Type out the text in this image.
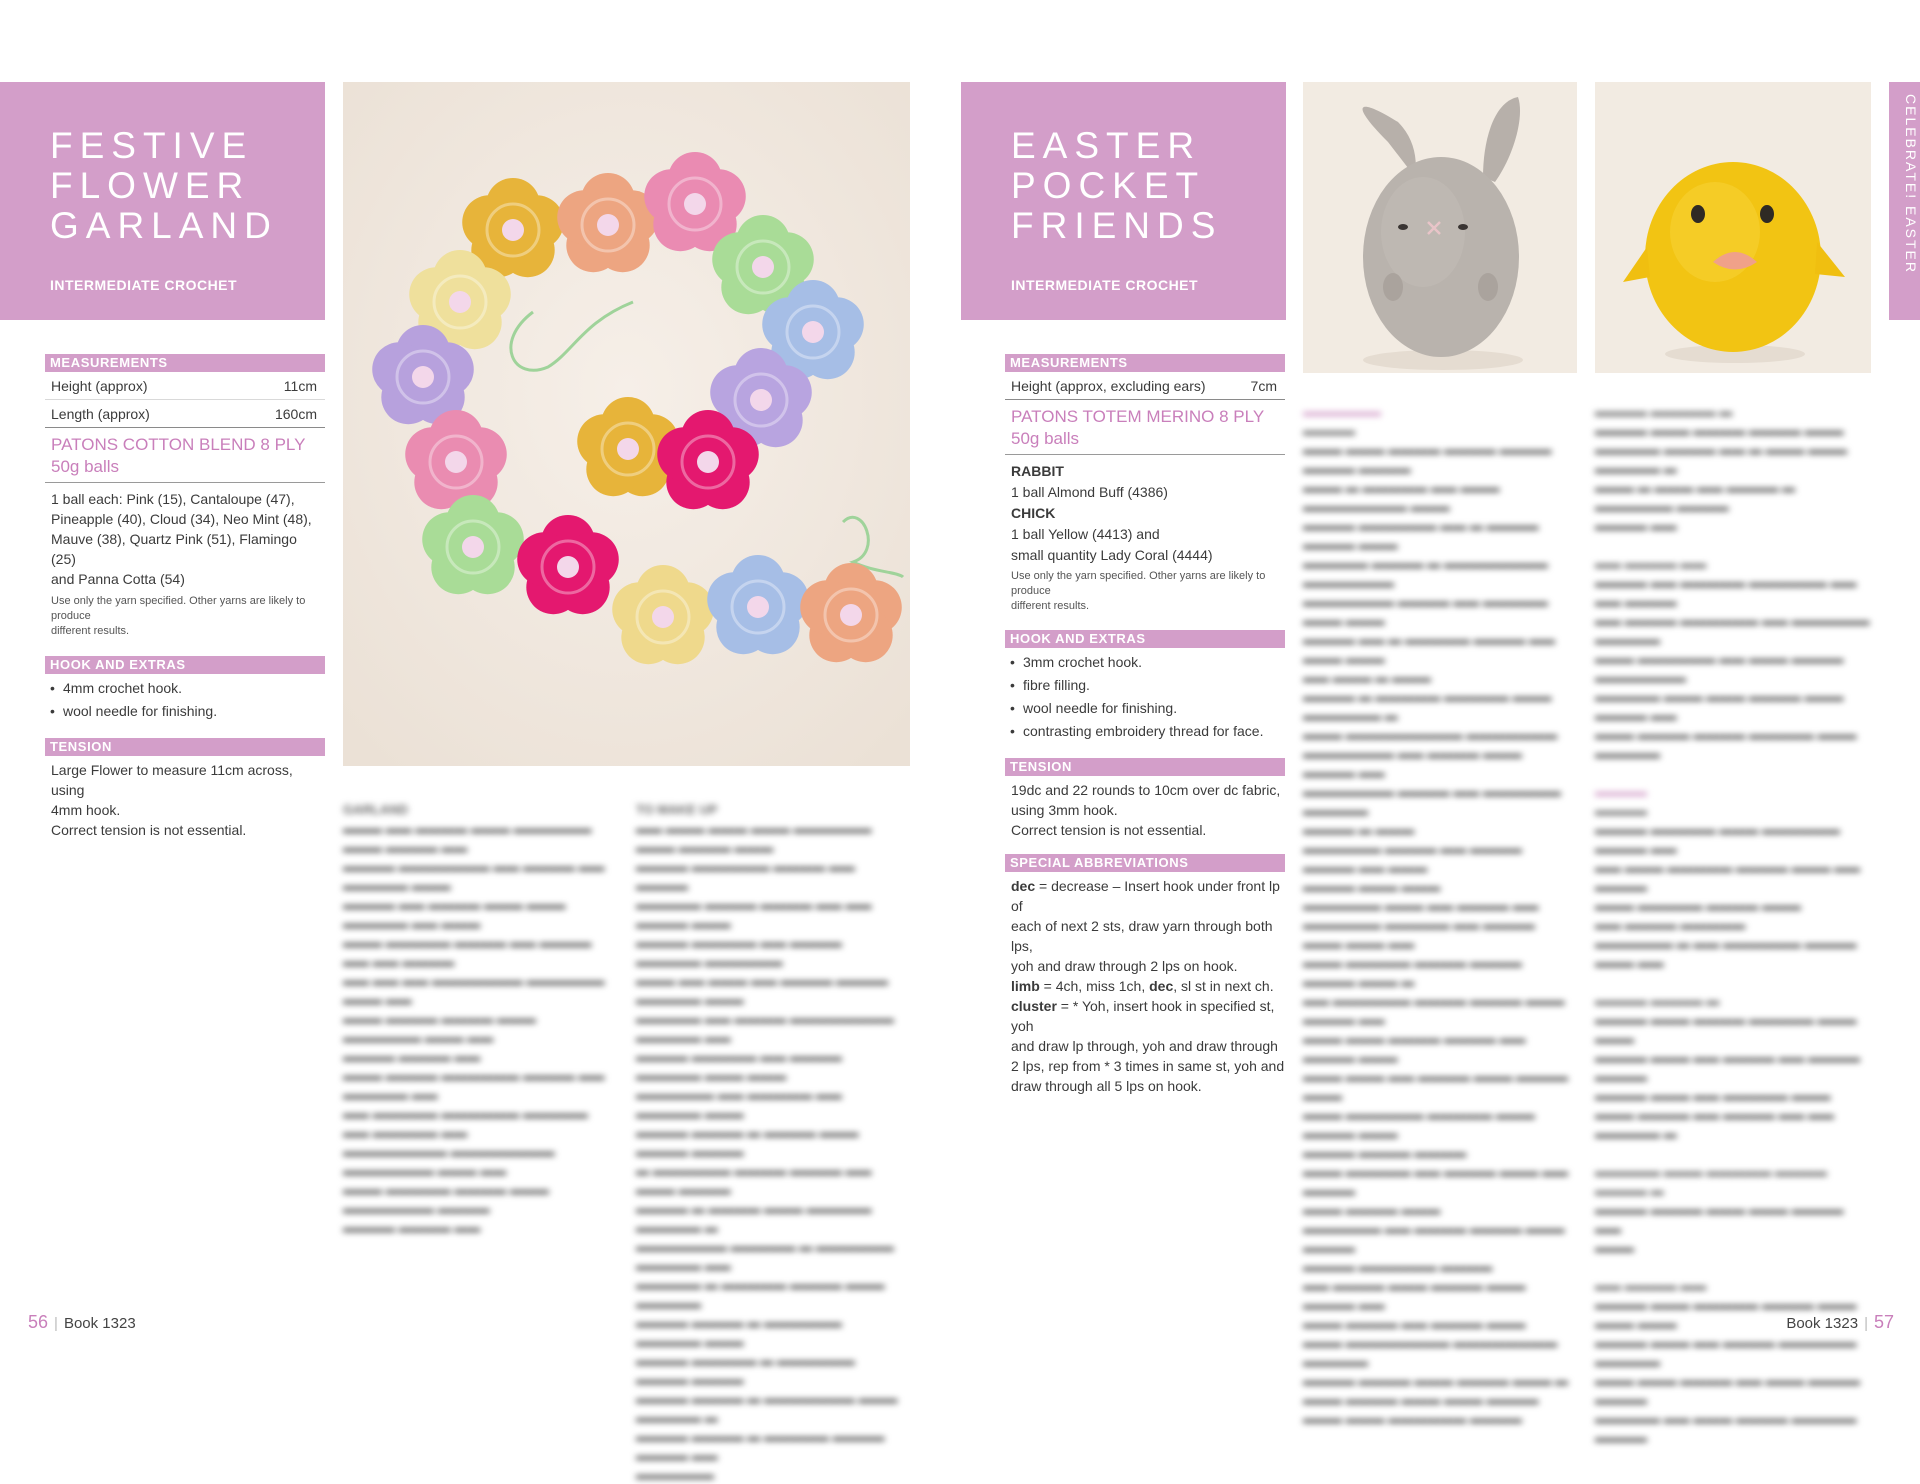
FESTIVE
FLOWER
GARLAND
INTERMEDIATE CROCHET
MEASUREMENTS
Height (approx)	11cm
Length (approx)	160cm
PATONS COTTON BLEND 8 PLY
50g balls
1 ball each: Pink (15), Cantaloupe (47),
Pineapple (40), Cloud (34), Neo Mint (48),
Mauve (38), Quartz Pink (51), Flamingo (25)
and Panna Cotta (54)
Use only the yarn specified. Other yarns are likely to produce
different results.
HOOK AND EXTRAS
• 4mm crochet hook.
• wool needle for finishing.
TENSION
Large Flower to measure 11cm across, using
4mm hook.
Correct tension is not essential.
GARLAND
▬▬▬ ▬▬ ▬▬▬▬ ▬▬▬ ▬▬▬▬▬▬ ▬▬▬ ▬▬▬▬ ▬▬
▬▬▬▬ ▬▬▬▬▬▬▬ ▬▬ ▬▬▬▬ ▬▬ ▬▬▬▬▬ ▬▬▬
▬▬▬▬ ▬▬ ▬▬▬▬ ▬▬▬ ▬▬▬ ▬▬▬▬▬ ▬▬ ▬▬▬
▬▬▬ ▬▬▬▬▬ ▬▬▬▬ ▬▬ ▬▬▬▬ ▬▬ ▬▬ ▬▬▬▬
▬▬ ▬▬ ▬▬ ▬▬▬▬▬▬▬ ▬▬▬▬▬▬ ▬▬▬ ▬▬
▬▬▬ ▬▬▬▬ ▬▬▬▬ ▬▬▬ ▬▬▬▬▬▬ ▬▬▬ ▬▬
▬▬▬▬ ▬▬▬▬ ▬▬
▬▬▬ ▬▬▬▬ ▬▬▬▬▬▬ ▬▬▬▬ ▬▬ ▬▬▬▬▬ ▬▬
▬▬ ▬▬▬▬▬ ▬▬▬▬▬▬ ▬▬▬▬▬ ▬▬ ▬▬▬▬▬ ▬▬
▬▬▬▬▬▬▬▬ ▬▬▬▬▬▬▬▬ ▬▬▬▬▬▬▬ ▬▬▬ ▬▬
▬▬▬ ▬▬▬▬▬ ▬▬▬▬ ▬▬▬ ▬▬▬▬▬▬▬ ▬▬▬▬
▬▬▬▬ ▬▬▬▬ ▬▬
TO MAKE UP
▬▬ ▬▬▬ ▬▬▬ ▬▬▬ ▬▬▬▬▬▬ ▬▬▬ ▬▬▬▬ ▬▬▬
▬▬▬▬ ▬▬▬▬▬▬ ▬▬▬▬ ▬▬ ▬▬▬▬
▬▬▬▬▬ ▬▬▬▬ ▬▬▬▬ ▬▬ ▬▬ ▬▬▬▬ ▬▬▬
▬▬▬▬ ▬▬▬▬▬ ▬▬ ▬▬▬▬ ▬▬▬▬▬ ▬▬▬▬▬▬
▬▬▬ ▬▬ ▬▬▬ ▬▬ ▬▬▬▬ ▬▬▬▬ ▬▬▬▬▬ ▬▬▬
▬▬▬▬▬ ▬▬ ▬▬▬▬ ▬▬▬▬▬▬▬▬ ▬▬▬▬▬ ▬▬
▬▬▬▬ ▬▬▬▬▬ ▬▬ ▬▬▬▬ ▬▬▬▬▬ ▬▬▬ ▬▬▬
▬▬▬▬▬▬ ▬▬ ▬▬▬▬▬ ▬▬ ▬▬▬▬▬ ▬▬▬
▬▬▬▬ ▬▬▬▬ ▬ ▬▬▬▬ ▬▬▬ ▬▬▬▬ ▬▬▬▬
▬ ▬▬▬▬▬▬ ▬▬▬▬ ▬▬▬▬ ▬▬ ▬▬▬ ▬▬▬▬
▬▬▬▬ ▬ ▬▬▬▬ ▬▬▬ ▬▬▬▬▬ ▬▬▬▬▬ ▬
▬▬▬▬▬▬▬ ▬▬▬▬▬ ▬ ▬▬▬▬▬▬ ▬▬▬▬▬ ▬▬
▬▬▬▬▬ ▬ ▬▬▬▬▬ ▬▬▬▬ ▬▬▬ ▬▬▬▬▬
▬▬▬▬ ▬▬▬▬ ▬ ▬▬▬▬▬▬ ▬▬▬▬▬ ▬▬▬
▬▬▬▬ ▬▬▬▬▬ ▬ ▬▬▬▬▬▬ ▬▬▬▬ ▬▬▬▬
▬▬▬▬ ▬▬▬▬ ▬ ▬▬▬▬▬▬▬ ▬▬▬ ▬▬▬▬▬ ▬
▬▬▬▬ ▬▬▬▬ ▬ ▬▬▬▬▬ ▬▬▬▬ ▬▬▬▬ ▬▬
▬▬▬▬▬▬
56 | Book 1323
EASTER
POCKET
FRIENDS
INTERMEDIATE CROCHET
MEASUREMENTS
Height (approx, excluding ears)	7cm
PATONS TOTEM MERINO 8 PLY
50g balls
RABBIT
1 ball Almond Buff (4386)
CHICK
1 ball Yellow (4413) and
small quantity Lady Coral (4444)
Use only the yarn specified. Other yarns are likely to produce
different results.
HOOK AND EXTRAS
• 3mm crochet hook.
• fibre filling.
• wool needle for finishing.
• contrasting embroidery thread for face.
TENSION
19dc and 22 rounds to 10cm over dc fabric,
using 3mm hook.
Correct tension is not essential.
SPECIAL ABBREVIATIONS
dec = decrease – Insert hook under front lp of
each of next 2 sts, draw yarn through both lps,
yoh and draw through 2 lps on hook.
limb = 4ch, miss 1ch, dec, sl st in next ch.
cluster = * Yoh, insert hook in specified st, yoh
and draw lp through, yoh and draw through
2 lps, rep from * 3 times in same st, yoh and
draw through all 5 lps on hook.
▬▬▬▬▬▬
▬▬▬▬
▬▬▬ ▬▬▬ ▬▬▬▬ ▬▬▬▬ ▬▬▬▬ ▬▬▬▬ ▬▬▬▬
▬▬▬ ▬ ▬▬▬▬▬ ▬▬ ▬▬▬ ▬▬▬▬▬▬▬▬ ▬▬▬
▬▬▬▬ ▬▬▬▬▬▬ ▬▬ ▬ ▬▬▬▬ ▬▬▬▬ ▬▬▬
▬▬▬▬▬ ▬▬▬▬ ▬ ▬▬▬▬▬▬▬▬ ▬▬▬▬▬▬▬
▬▬▬▬▬▬▬ ▬▬▬▬ ▬▬ ▬▬▬▬▬ ▬▬▬ ▬▬▬
▬▬▬▬ ▬▬ ▬ ▬▬▬▬▬ ▬▬▬▬ ▬▬ ▬▬▬ ▬▬▬
▬▬ ▬▬▬ ▬ ▬▬▬
▬▬▬▬ ▬ ▬▬▬▬▬ ▬▬▬▬▬ ▬▬▬ ▬▬▬▬▬▬ ▬
▬▬▬ ▬▬▬▬▬▬▬▬▬ ▬▬▬▬▬▬▬
▬▬▬▬▬▬▬ ▬▬ ▬▬▬▬ ▬▬▬ ▬▬▬▬ ▬▬
▬▬▬▬▬▬▬ ▬▬▬▬ ▬▬ ▬▬▬▬▬▬ ▬▬▬▬▬
▬▬▬▬ ▬ ▬▬▬
▬▬▬▬▬▬ ▬▬▬▬ ▬▬ ▬▬▬▬ ▬▬▬▬ ▬▬ ▬▬▬
▬▬▬▬ ▬▬▬ ▬▬▬
▬▬▬▬▬▬ ▬▬▬ ▬▬ ▬▬▬▬ ▬▬
▬▬▬▬▬▬ ▬▬▬▬▬ ▬▬ ▬▬▬▬ ▬▬▬ ▬▬▬ ▬▬
▬▬▬ ▬▬▬▬▬ ▬▬▬▬ ▬▬▬▬ ▬▬▬▬ ▬▬▬ ▬
▬▬ ▬▬▬▬▬▬ ▬▬▬▬ ▬▬▬▬ ▬▬▬ ▬▬▬▬ ▬▬
▬▬▬ ▬▬▬ ▬▬▬▬ ▬▬▬▬ ▬▬ ▬▬▬▬ ▬▬▬
▬▬▬ ▬▬▬ ▬▬ ▬▬▬▬ ▬▬▬ ▬▬▬▬ ▬▬▬
▬▬▬ ▬▬▬▬▬▬ ▬▬▬▬▬ ▬▬▬ ▬▬▬▬ ▬▬▬
▬▬▬▬ ▬▬▬▬ ▬▬▬▬
▬▬▬ ▬▬▬▬▬ ▬▬ ▬▬▬▬ ▬▬▬ ▬▬ ▬▬▬▬
▬▬▬ ▬▬▬▬ ▬▬▬
▬▬▬▬▬▬ ▬▬ ▬▬▬▬ ▬▬▬▬ ▬▬▬ ▬▬▬▬
▬▬▬▬ ▬▬▬▬▬▬ ▬▬▬▬
▬▬ ▬▬▬▬ ▬▬▬ ▬▬▬▬ ▬▬▬ ▬▬▬▬ ▬▬
▬▬▬ ▬▬▬▬ ▬▬ ▬▬▬▬ ▬▬▬
▬▬▬ ▬▬▬▬▬▬▬▬ ▬▬▬▬▬▬▬▬ ▬▬▬▬▬
▬▬▬▬ ▬▬▬▬ ▬▬▬ ▬▬▬▬ ▬▬▬ ▬
▬▬▬ ▬▬▬▬ ▬▬▬ ▬▬▬ ▬▬▬▬
▬▬▬ ▬▬▬ ▬▬▬▬▬▬ ▬▬▬▬
▬▬▬▬ ▬▬▬▬▬ ▬
▬▬▬▬ ▬▬▬ ▬▬▬▬ ▬▬▬▬ ▬▬▬
▬▬▬▬▬ ▬▬▬▬ ▬▬ ▬ ▬▬▬ ▬▬▬ ▬▬▬▬▬ ▬
▬▬▬ ▬ ▬▬▬ ▬▬ ▬▬▬▬ ▬ ▬▬▬▬▬▬ ▬▬▬▬
▬▬▬▬ ▬▬

▬▬ ▬▬▬▬ ▬▬
▬▬▬▬ ▬▬ ▬▬▬▬▬ ▬▬▬▬▬▬ ▬▬ ▬▬ ▬▬▬▬
▬▬ ▬▬▬▬ ▬▬▬▬▬▬ ▬▬ ▬▬▬▬▬▬ ▬▬▬▬▬
▬▬▬ ▬▬▬▬▬▬ ▬▬ ▬▬▬ ▬▬▬▬ ▬▬▬▬▬▬▬
▬▬▬▬▬ ▬▬▬ ▬▬▬ ▬▬▬▬ ▬▬▬ ▬▬▬▬ ▬▬
▬▬▬ ▬▬▬▬ ▬▬▬▬ ▬▬▬▬▬ ▬▬▬ ▬▬▬▬▬

▬▬▬▬
▬▬▬▬
▬▬▬▬ ▬▬▬▬▬ ▬▬▬ ▬▬▬▬▬▬ ▬▬▬▬ ▬▬
▬▬ ▬▬▬ ▬▬▬▬▬ ▬▬▬▬ ▬▬▬ ▬▬ ▬▬▬▬
▬▬▬ ▬▬▬▬▬ ▬▬▬▬ ▬▬▬
▬▬ ▬▬▬▬ ▬▬▬▬▬
▬▬▬▬▬▬ ▬ ▬▬ ▬▬▬▬▬▬ ▬▬▬▬ ▬▬▬ ▬▬

▬▬▬▬ ▬▬▬▬ ▬
▬▬▬▬ ▬▬▬ ▬▬▬▬ ▬▬▬▬▬ ▬▬▬ ▬▬▬
▬▬▬▬ ▬▬▬ ▬▬ ▬▬▬▬ ▬▬ ▬▬▬▬ ▬▬▬▬
▬▬▬▬ ▬▬▬ ▬▬ ▬▬▬▬▬ ▬▬▬
▬▬▬ ▬▬▬▬ ▬▬ ▬▬▬▬ ▬▬ ▬▬
▬▬▬▬▬ ▬

▬▬▬▬▬ ▬▬▬ ▬▬▬▬▬ ▬▬▬▬ ▬▬▬▬ ▬
▬▬▬▬ ▬▬▬▬ ▬▬▬ ▬▬▬ ▬▬▬▬ ▬▬
▬▬▬

▬▬ ▬▬▬▬ ▬▬
▬▬▬▬ ▬▬▬ ▬▬▬▬▬ ▬▬▬▬ ▬▬▬ ▬▬▬ ▬▬▬
▬▬▬▬ ▬▬▬ ▬▬ ▬▬▬▬ ▬▬▬▬▬▬ ▬▬▬▬▬
▬▬▬ ▬▬▬ ▬▬▬▬ ▬▬ ▬▬▬ ▬▬▬▬ ▬▬▬▬
▬▬▬▬▬ ▬▬ ▬▬▬ ▬▬▬▬ ▬▬▬▬▬ ▬▬▬▬
CELEBRATE! EASTER
Book 1323 | 57
